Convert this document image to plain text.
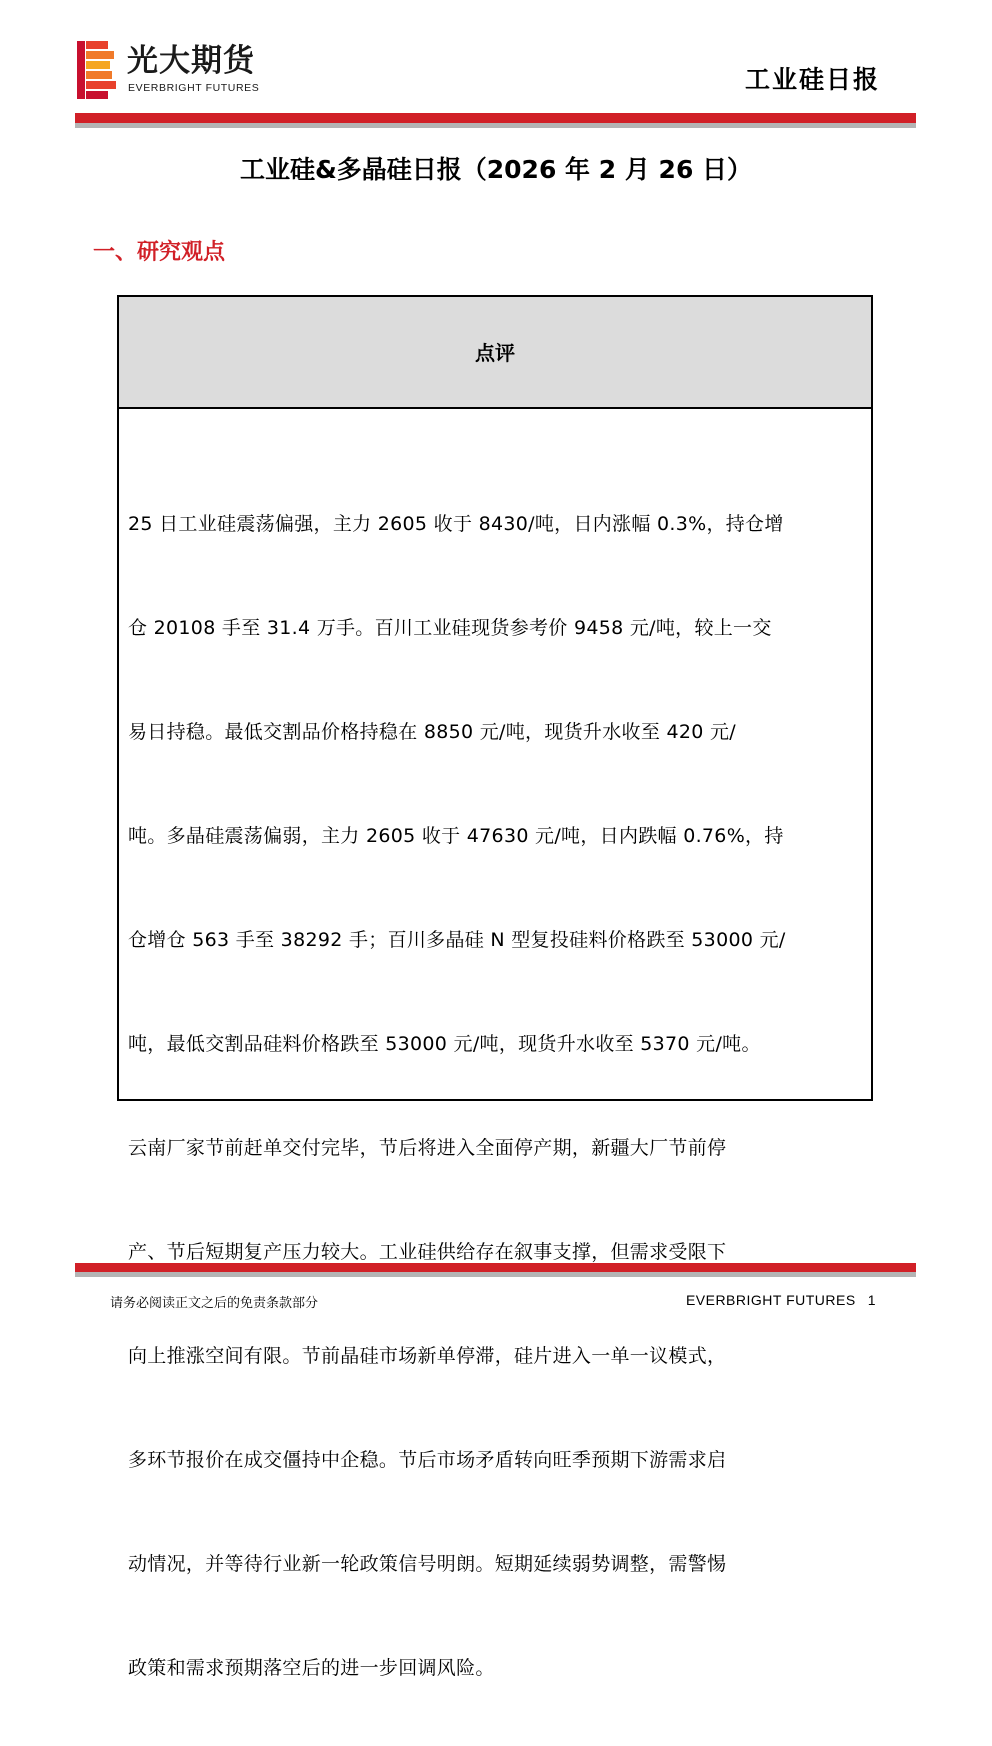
光大期货
EVERBRIGHT FUTURES	工业硅日报
工业硅&多晶硅日报（2026 年 2 月 26 日）
一、研究观点
点评

25 日工业硅震荡偏强，主力 2605 收于 8430/吨，日内涨幅 0.3%，持仓增

仓 20108 手至 31.4 万手。百川工业硅现货参考价 9458 元/吨，较上一交

易日持稳。最低交割品价格持稳在 8850 元/吨，现货升水收至 420 元/

吨。多晶硅震荡偏弱，主力 2605 收于 47630 元/吨，日内跌幅 0.76%，持

仓增仓 563 手至 38292 手；百川多晶硅 N 型复投硅料价格跌至 53000 元/

吨，最低交割品硅料价格跌至 53000 元/吨，现货升水收至 5370 元/吨。

云南厂家节前赶单交付完毕，节后将进入全面停产期，新疆大厂节前停

产、节后短期复产压力较大。工业硅供给存在叙事支撑，但需求受限下

向上推涨空间有限。节前晶硅市场新单停滞，硅片进入一单一议模式，

多环节报价在成交僵持中企稳。节后市场矛盾转向旺季预期下游需求启

动情况，并等待行业新一轮政策信号明朗。短期延续弱势调整，需警惕

政策和需求预期落空后的进一步回调风险。

请务必阅读正文之后的免责条款部分	EVERBRIGHT FUTURES 1
